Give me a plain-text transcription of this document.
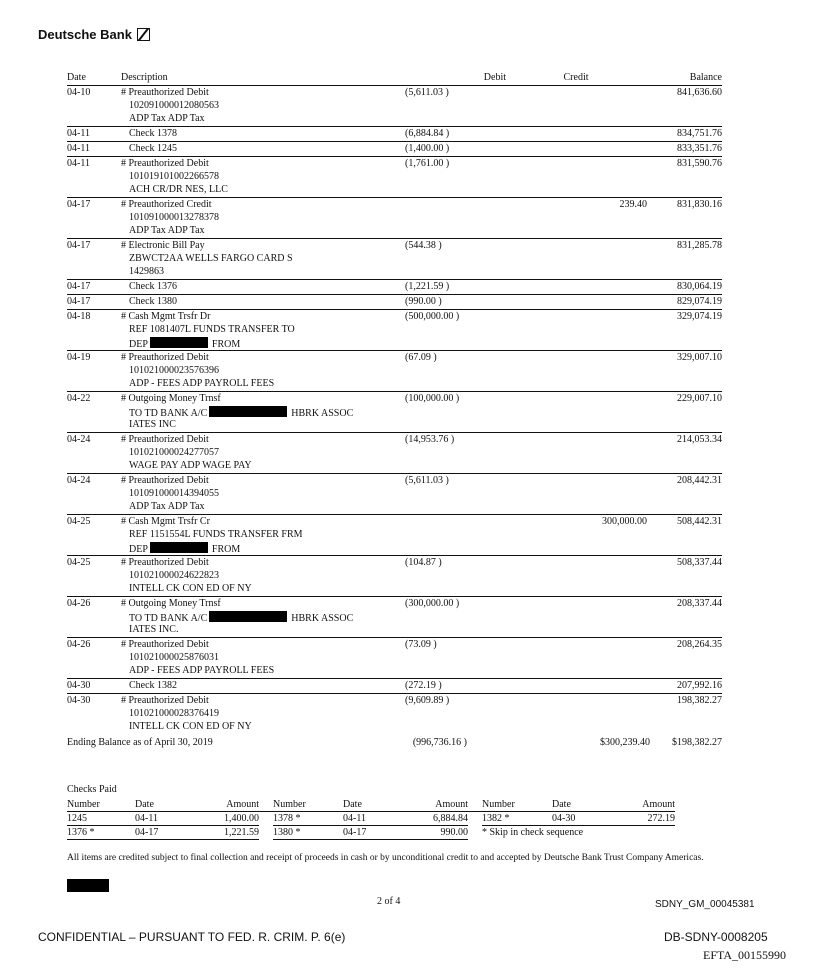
Deutsche Bank
Date	Description	Debit	Credit	Balance
04-10	# Preauthorized Debit
102091000012080563
ADP Tax ADP Tax
(5,611.03 )	841,636.60
04-11	Check 1378	(6,884.84 )	834,751.76
04-11	Check 1245	(1,400.00 )	833,351.76
04-11	# Preauthorized Debit
101019101002266578
ACH CR/DR NES, LLC
(1,761.00 )	831,590.76
04-17	# Preauthorized Credit
101091000013278378
ADP Tax ADP Tax
239.40	831,830.16
04-17	# Electronic Bill Pay
ZBWCT2AA WELLS FARGO CARD S
1429863
(544.38 )	831,285.78
04-17	Check 1376	(1,221.59 )	830,064.19
04-17	Check 1380	(990.00 )	829,074.19
04-18	# Cash Mgmt Trsfr Dr
REF 1081407L FUNDS TRANSFER TO
DEP	FROM
(500,000.00 )	329,074.19
04-19	# Preauthorized Debit
101021000023576396
ADP - FEES ADP PAYROLL FEES
(67.09 )	329,007.10
04-22	# Outgoing Money Trnsf
TO TD BANK A/C	HBRK ASSOC
IATES INC
(100,000.00 )	229,007.10
04-24	# Preauthorized Debit
101021000024277057
WAGE PAY ADP WAGE PAY
(14,953.76 )	214,053.34
04-24	# Preauthorized Debit
101091000014394055
ADP Tax ADP Tax
(5,611.03 )	208,442.31
04-25	# Cash Mgmt Trsfr Cr
REF 1151554L FUNDS TRANSFER FRM
DEP	FROM
300,000.00	508,442.31
04-25	# Preauthorized Debit
101021000024622823
INTELL CK CON ED OF NY
(104.87 )	508,337.44
04-26	# Outgoing Money Trnsf
TO TD BANK A/C	HBRK ASSOC
IATES INC.
(300,000.00 )	208,337.44
04-26	# Preauthorized Debit
101021000025876031
ADP - FEES ADP PAYROLL FEES
(73.09 )	208,264.35
04-30	Check 1382	(272.19 )	207,992.16
04-30	# Preauthorized Debit
101021000028376419
INTELL CK CON ED OF NY
(9,609.89 )	198,382.27
Ending Balance as of April 30, 2019	(996,736.16 )	$300,239.40	$198,382.27
Checks Paid
Number	Date	Amount		Number	Date	Amount		Number	Date	Amount
1245	04-11	1,400.00		1378 *	04-11	6,884.84		1382 *	04-30	272.19
1376 *	04-17	1,221.59		1380 *	04-17	990.00		* Skip in check sequence		
All items are credited subject to final collection and receipt of proceeds in cash or by unconditional credit to and accepted by Deutsche Bank Trust Company Americas.
2 of 4	SDNY_GM_00045381
CONFIDENTIAL – PURSUANT TO FED. R. CRIM. P. 6(e)	DB-SDNY-0008205
EFTA_00155990
